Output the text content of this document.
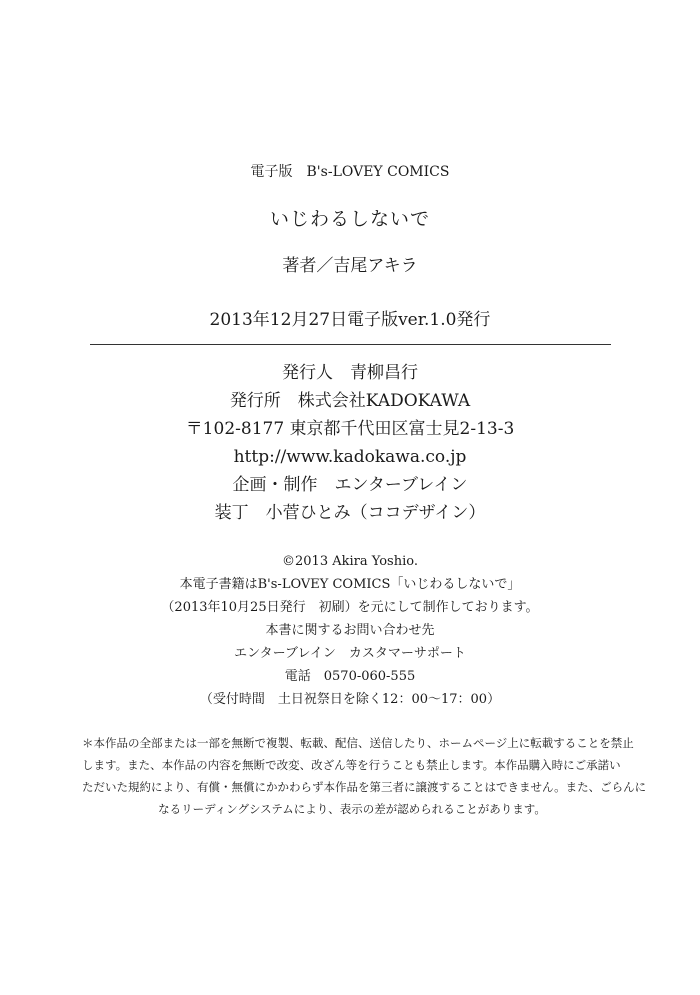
電子版　B's-LOVEY COMICS
いじわるしないで
著者／吉尾アキラ
2013年12月27日電子版ver.1.0発行
発行人　青柳昌行
発行所　株式会社KADOKAWA
〒102-8177 東京都千代田区富士見2-13-3
http://www.kadokawa.co.jp
企画・制作　エンターブレイン
装丁　小菅ひとみ（ココデザイン）
©2013 Akira Yoshio.
本電子書籍はB's-LOVEY COMICS「いじわるしないで」
（2013年10月25日発行　初刷）を元にして制作しております。
本書に関するお問い合わせ先
エンターブレイン　カスタマーサポート
電話　0570-060-555
（受付時間　土日祝祭日を除く12：00〜17：00）
＊本作品の全部または一部を無断で複製、転載、配信、送信したり、ホームページ上に転載することを禁止
します。また、本作品の内容を無断で改変、改ざん等を行うことも禁止します。本作品購入時にご承諾い
ただいた規約により、有償・無償にかかわらず本作品を第三者に譲渡することはできません。また、ごらんに
なるリーディングシステムにより、表示の差が認められることがあります。
